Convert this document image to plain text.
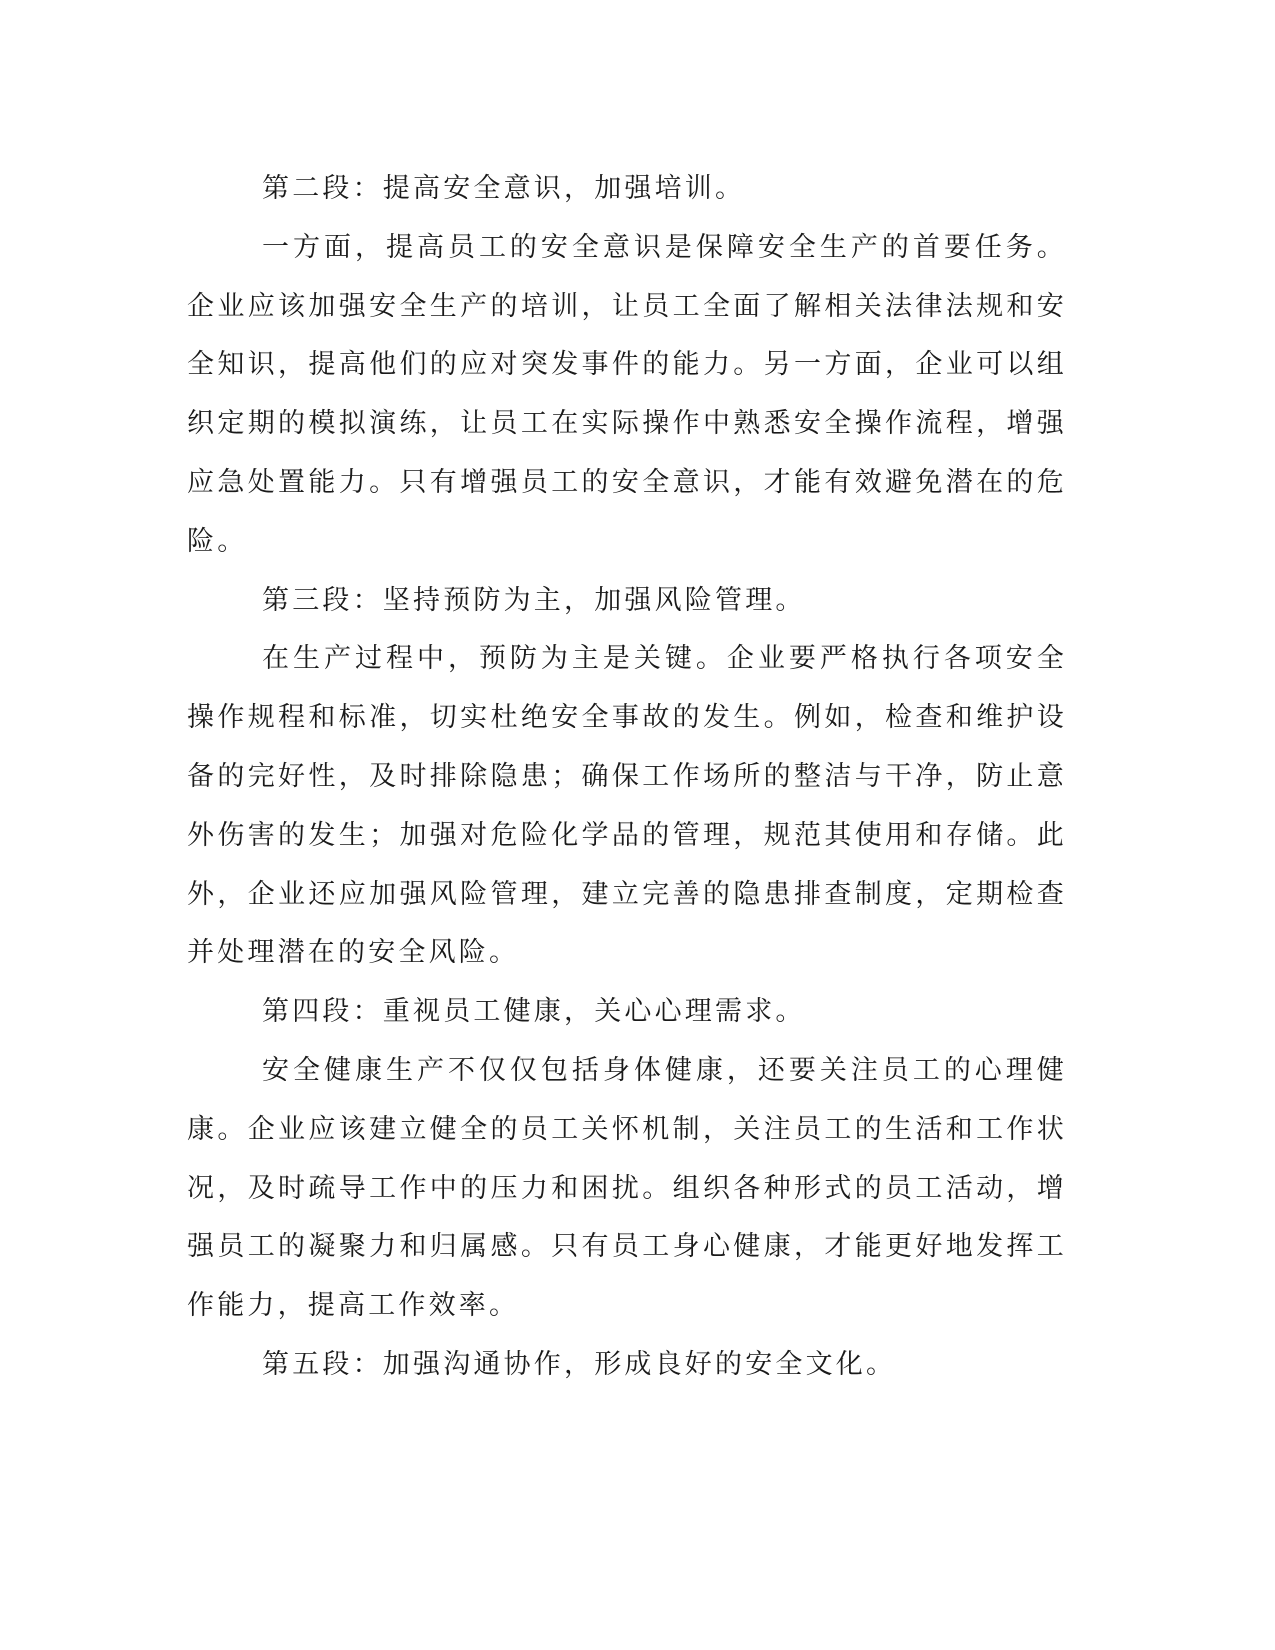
第二段：提高安全意识，加强培训。

一方面，提高员工的安全意识是保障安全生产的首要任务。企业应该加强安全生产的培训，让员工全面了解相关法律法规和安全知识，提高他们的应对突发事件的能力。另一方面，企业可以组织定期的模拟演练，让员工在实际操作中熟悉安全操作流程，增强应急处置能力。只有增强员工的安全意识，才能有效避免潜在的危险。

第三段：坚持预防为主，加强风险管理。

在生产过程中，预防为主是关键。企业要严格执行各项安全操作规程和标准，切实杜绝安全事故的发生。例如，检查和维护设备的完好性，及时排除隐患；确保工作场所的整洁与干净，防止意外伤害的发生；加强对危险化学品的管理，规范其使用和存储。此外，企业还应加强风险管理，建立完善的隐患排查制度，定期检查并处理潜在的安全风险。

第四段：重视员工健康，关心心理需求。

安全健康生产不仅仅包括身体健康，还要关注员工的心理健康。企业应该建立健全的员工关怀机制，关注员工的生活和工作状况，及时疏导工作中的压力和困扰。组织各种形式的员工活动，增强员工的凝聚力和归属感。只有员工身心健康，才能更好地发挥工作能力，提高工作效率。

第五段：加强沟通协作，形成良好的安全文化。
